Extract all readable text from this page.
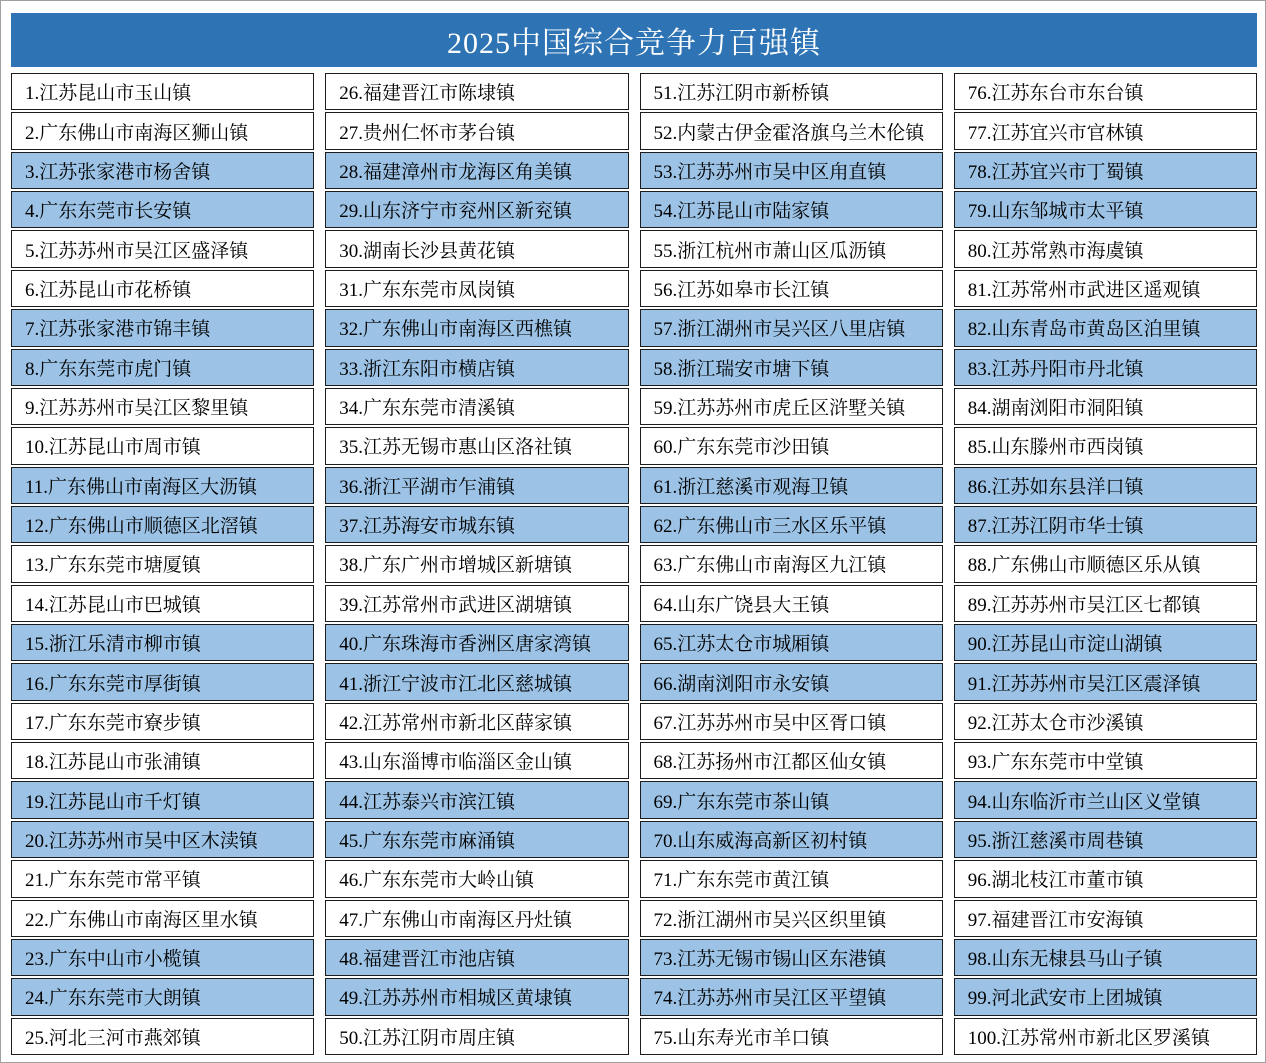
2025中国综合竞争力百强镇
1.江苏昆山市玉山镇
2.广东佛山市南海区狮山镇
3.江苏张家港市杨舍镇
4.广东东莞市长安镇
5.江苏苏州市吴江区盛泽镇
6.江苏昆山市花桥镇
7.江苏张家港市锦丰镇
8.广东东莞市虎门镇
9.江苏苏州市吴江区黎里镇
10.江苏昆山市周市镇
11.广东佛山市南海区大沥镇
12.广东佛山市顺德区北滘镇
13.广东东莞市塘厦镇
14.江苏昆山市巴城镇
15.浙江乐清市柳市镇
16.广东东莞市厚街镇
17.广东东莞市寮步镇
18.江苏昆山市张浦镇
19.江苏昆山市千灯镇
20.江苏苏州市吴中区木渎镇
21.广东东莞市常平镇
22.广东佛山市南海区里水镇
23.广东中山市小榄镇
24.广东东莞市大朗镇
25.河北三河市燕郊镇
26.福建晋江市陈埭镇
27.贵州仁怀市茅台镇
28.福建漳州市龙海区角美镇
29.山东济宁市兖州区新兖镇
30.湖南长沙县黄花镇
31.广东东莞市凤岗镇
32.广东佛山市南海区西樵镇
33.浙江东阳市横店镇
34.广东东莞市清溪镇
35.江苏无锡市惠山区洛社镇
36.浙江平湖市乍浦镇
37.江苏海安市城东镇
38.广东广州市增城区新塘镇
39.江苏常州市武进区湖塘镇
40.广东珠海市香洲区唐家湾镇
41.浙江宁波市江北区慈城镇
42.江苏常州市新北区薛家镇
43.山东淄博市临淄区金山镇
44.江苏泰兴市滨江镇
45.广东东莞市麻涌镇
46.广东东莞市大岭山镇
47.广东佛山市南海区丹灶镇
48.福建晋江市池店镇
49.江苏苏州市相城区黄埭镇
50.江苏江阴市周庄镇
51.江苏江阴市新桥镇
52.内蒙古伊金霍洛旗乌兰木伦镇
53.江苏苏州市吴中区甪直镇
54.江苏昆山市陆家镇
55.浙江杭州市萧山区瓜沥镇
56.江苏如皋市长江镇
57.浙江湖州市吴兴区八里店镇
58.浙江瑞安市塘下镇
59.江苏苏州市虎丘区浒墅关镇
60.广东东莞市沙田镇
61.浙江慈溪市观海卫镇
62.广东佛山市三水区乐平镇
63.广东佛山市南海区九江镇
64.山东广饶县大王镇
65.江苏太仓市城厢镇
66.湖南浏阳市永安镇
67.江苏苏州市吴中区胥口镇
68.江苏扬州市江都区仙女镇
69.广东东莞市茶山镇
70.山东威海高新区初村镇
71.广东东莞市黄江镇
72.浙江湖州市吴兴区织里镇
73.江苏无锡市锡山区东港镇
74.江苏苏州市吴江区平望镇
75.山东寿光市羊口镇
76.江苏东台市东台镇
77.江苏宜兴市官林镇
78.江苏宜兴市丁蜀镇
79.山东邹城市太平镇
80.江苏常熟市海虞镇
81.江苏常州市武进区遥观镇
82.山东青岛市黄岛区泊里镇
83.江苏丹阳市丹北镇
84.湖南浏阳市洞阳镇
85.山东滕州市西岗镇
86.江苏如东县洋口镇
87.江苏江阴市华士镇
88.广东佛山市顺德区乐从镇
89.江苏苏州市吴江区七都镇
90.江苏昆山市淀山湖镇
91.江苏苏州市吴江区震泽镇
92.江苏太仓市沙溪镇
93.广东东莞市中堂镇
94.山东临沂市兰山区义堂镇
95.浙江慈溪市周巷镇
96.湖北枝江市董市镇
97.福建晋江市安海镇
98.山东无棣县马山子镇
99.河北武安市上团城镇
100.江苏常州市新北区罗溪镇
